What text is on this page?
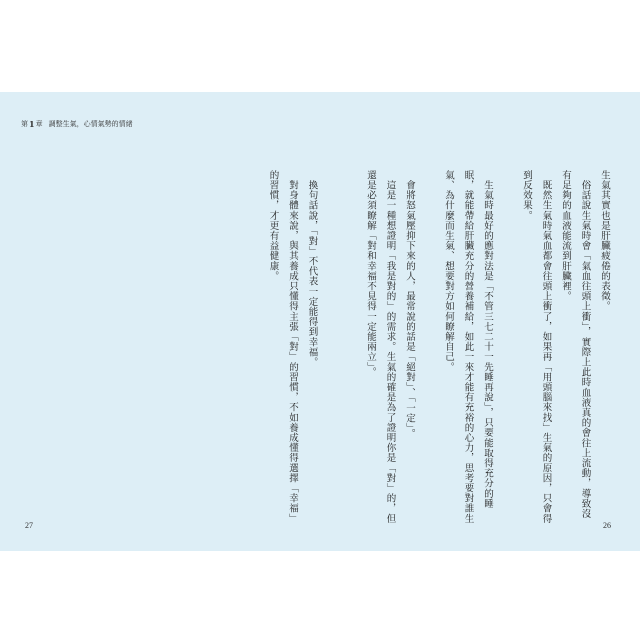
第 1 章 調整生氣，心情氣勢的情緒
生氣其實也是肝臟疲倦的表徵。
　俗話說生氣時會「氣血往頭上衝」，實際上此時血液真的會往上流動，導致沒
有足夠的血液能流到肝臟裡。
　既然生氣時氣血都會往頭上衝了，如果再「用頭腦來找」生氣的原因，只會得
到反效果。
　生氣時最好的應對法是「不管三七二十一先睡再說」，只要能取得充分的睡
眠，就能帶給肝臟充分的營養補給，如此一來才能有充裕的心力，思考要對誰生
氣、為什麼而生氣、想要對方如何瞭解自己。
　會將怒氣壓抑下來的人，最常說的話是「絕對」、「一定」。
　這是一種想證明「我是對的」的需求。生氣的確是為了證明你是「對」的，但
還是必須瞭解「對和幸福不見得一定能兩立」。
　換句話說，「對」不代表一定能得到幸福。
　對身體來說，與其養成只懂得主張「對」的習慣，不如養成懂得選擇「幸福」
的習慣，才更有益健康。
27	26
